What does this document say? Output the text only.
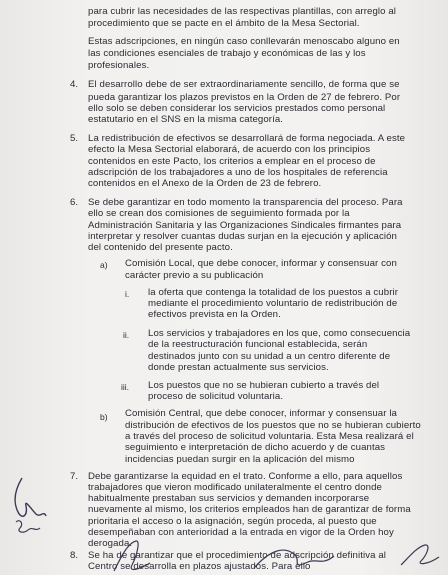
para cubrir las necesidades de las respectivas plantillas, con arreglo al
procedimiento que se pacte en el ámbito de la Mesa Sectorial.
Estas adscripciones, en ningún caso conllevarán menoscabo alguno en
las condiciones esenciales de trabajo y económicas de las y los
profesionales.
4. El desarrollo debe de ser extraordinariamente sencillo, de forma que se
pueda garantizar los plazos previstos en la Orden de 27 de febrero. Por
ello solo se deben considerar los servicios prestados como personal
estatutario en el SNS en la misma categoría.
5. La redistribución de efectivos se desarrollará de forma negociada. A este
efecto la Mesa Sectorial elaborará, de acuerdo con los principios
contenidos en este Pacto, los criterios a emplear en el proceso de
adscripción de los trabajadores a uno de los hospitales de referencia
contenidos en el Anexo de la Orden de 23 de febrero.
6. Se debe garantizar en todo momento la transparencia del proceso. Para
ello se crean dos comisiones de seguimiento formada por la
Administración Sanitaria y las Organizaciones Sindicales firmantes para
interpretar y resolver cuantas dudas surjan en la ejecución y aplicación
del contenido del presente pacto.
a) Comisión Local, que debe conocer, informar y consensuar con
carácter previo a su publicación
i. la oferta que contenga la totalidad de los puestos a cubrir
mediante el procedimiento voluntario de redistribución de
efectivos prevista en la Orden.
ii. Los servicios y trabajadores en los que, como consecuencia
de la reestructuración funcional establecida, serán
destinados junto con su unidad a un centro diferente de
donde prestan actualmente sus servicios.
iii. Los puestos que no se hubieran cubierto a través del
proceso de solicitud voluntaria.
b) Comisión Central, que debe conocer, informar y consensuar la
distribución de efectivos de los puestos que no se hubieran cubierto
a través del proceso de solicitud voluntaria. Esta Mesa realizará el
seguimiento e interpretación de dicho acuerdo y de cuantas
incidencias puedan surgir en la aplicación del mismo
7. Debe garantizarse la equidad en el trato. Conforme a ello, para aquellos
trabajadores que vieron modificado unilateralmente el centro donde
habitualmente prestaban sus servicios y demanden incorporarse
nuevamente al mismo, los criterios empleados han de garantizar de forma
prioritaria el acceso o la asignación, según proceda, al puesto que
desempeñaban con anterioridad a la entrada en vigor de la Orden hoy
derogada.
8. Se ha de garantizar que el procedimiento de adscripción definitiva al
Centro se desarrolla en plazos ajustados. Para ello
